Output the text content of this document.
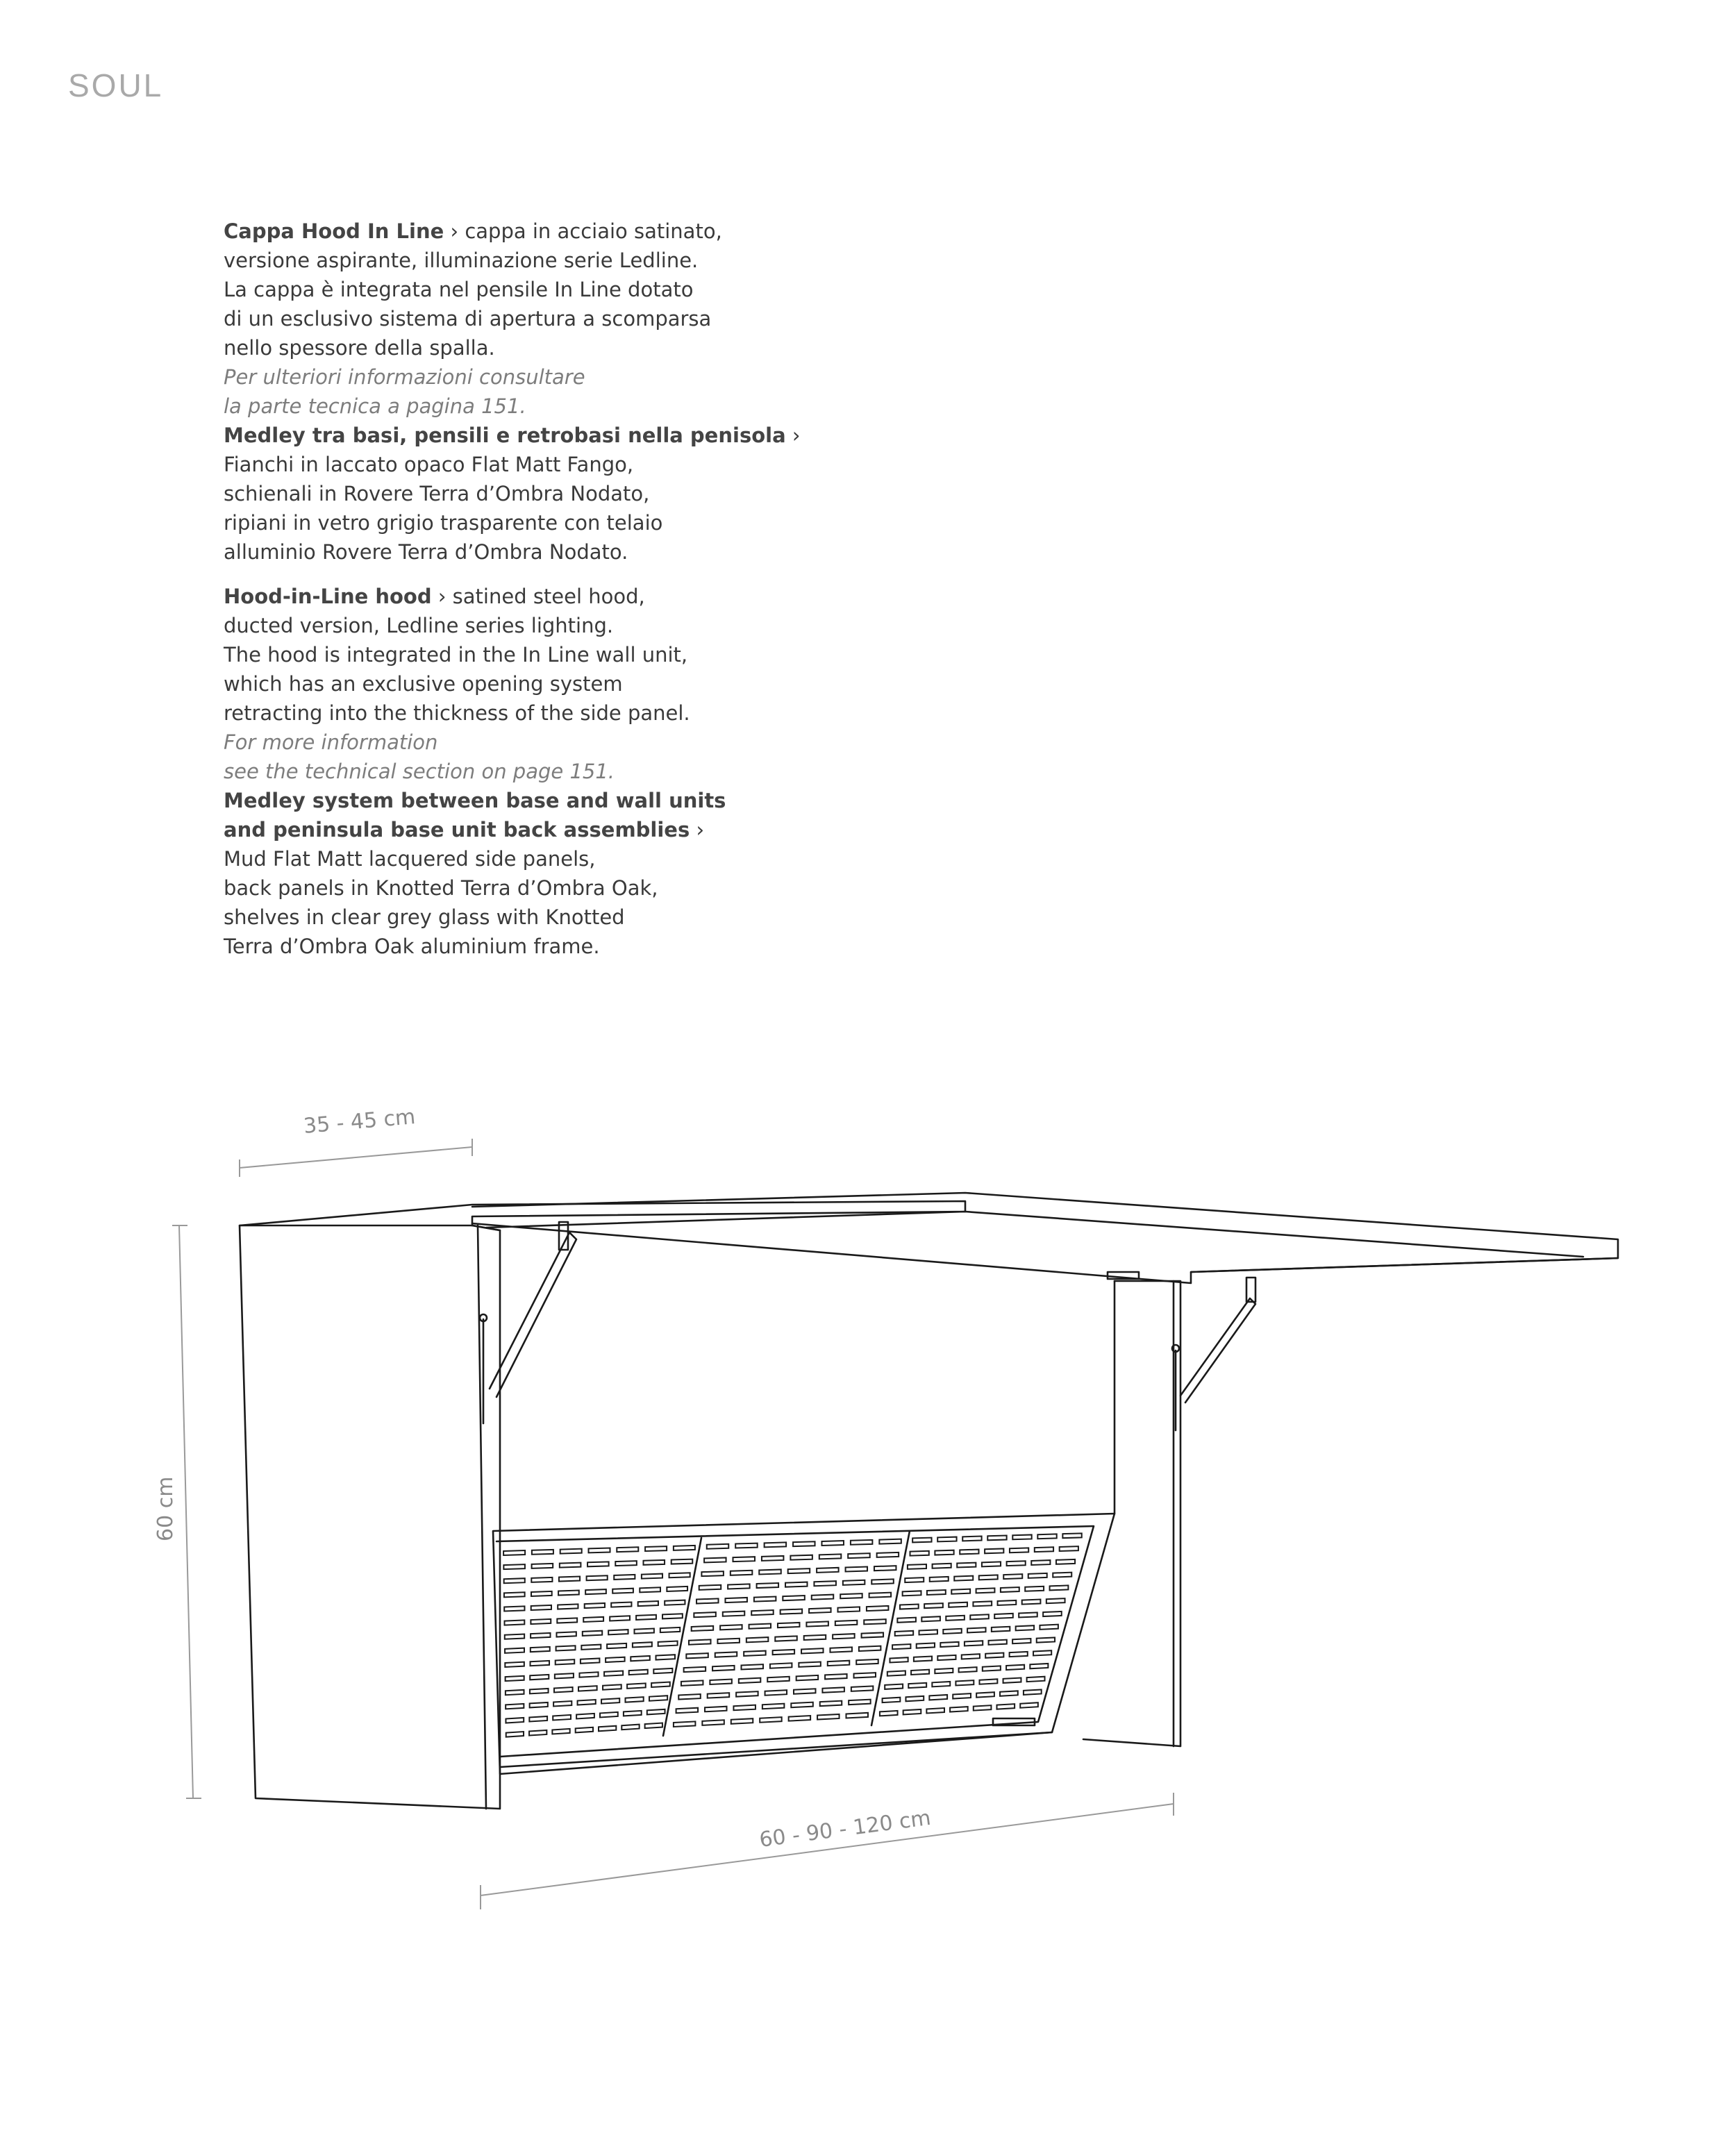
SOUL
Cappa Hood In Line › cappa in acciaio satinato,
versione aspirante, illuminazione serie Ledline.
La cappa è integrata nel pensile In Line dotato
di un esclusivo sistema di apertura a scomparsa
nello spessore della spalla.
Per ulteriori informazioni consultare
la parte tecnica a pagina 151.
Medley tra basi, pensili e retrobasi nella penisola ›
Fianchi in laccato opaco Flat Matt Fango,
schienali in Rovere Terra d’Ombra Nodato,
ripiani in vetro grigio trasparente con telaio
alluminio Rovere Terra d’Ombra Nodato.
Hood-in-Line hood › satined steel hood,
ducted version, Ledline series lighting.
The hood is integrated in the In Line wall unit,
which has an exclusive opening system
retracting into the thickness of the side panel.
For more information
see the technical section on page 151.
Medley system between base and wall units
and peninsula base unit back assemblies ›
Mud Flat Matt lacquered side panels,
back panels in Knotted Terra d’Ombra Oak,
shelves in clear grey glass with Knotted
Terra d’Ombra Oak aluminium frame.
35 - 45 cm
60 cm
60 - 90 - 120 cm
